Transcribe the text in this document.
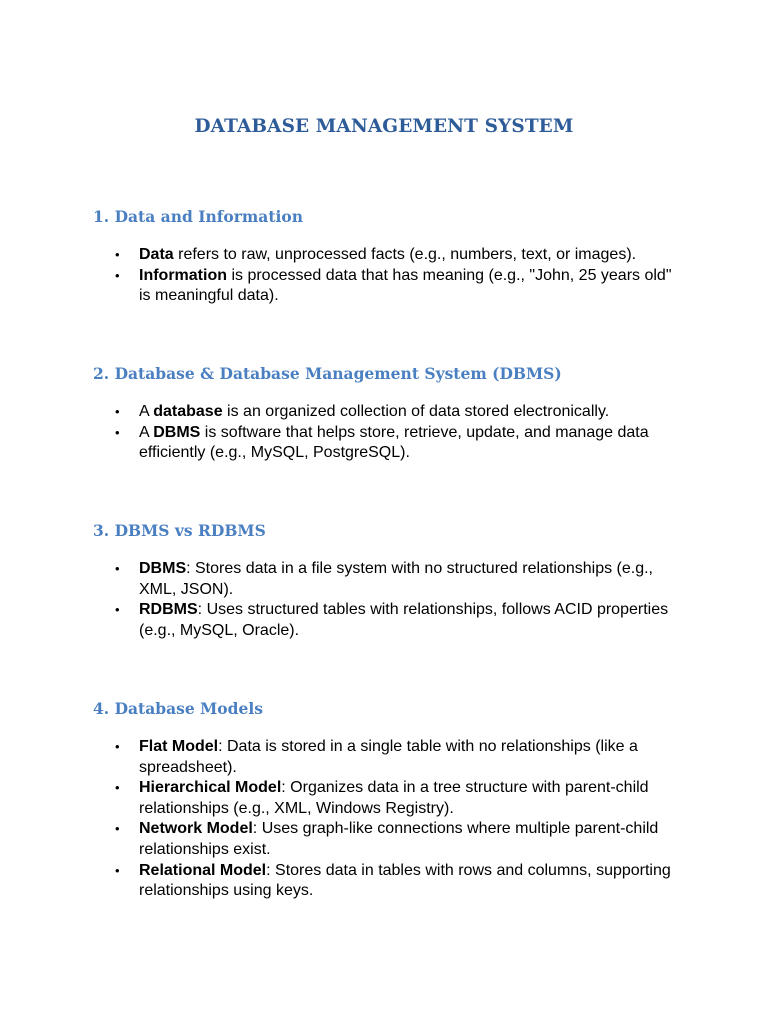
DATABASE MANAGEMENT SYSTEM
1. Data and Information
• Data refers to raw, unprocessed facts (e.g., numbers, text, or images).
• Information is processed data that has meaning (e.g., "John, 25 years old" is meaningful data).
2. Database & Database Management System (DBMS)
• A database is an organized collection of data stored electronically.
• A DBMS is software that helps store, retrieve, update, and manage data efficiently (e.g., MySQL, PostgreSQL).
3. DBMS vs RDBMS
• DBMS: Stores data in a file system with no structured relationships (e.g., XML, JSON).
• RDBMS: Uses structured tables with relationships, follows ACID properties (e.g., MySQL, Oracle).
4. Database Models
• Flat Model: Data is stored in a single table with no relationships (like a spreadsheet).
• Hierarchical Model: Organizes data in a tree structure with parent-child relationships (e.g., XML, Windows Registry).
• Network Model: Uses graph-like connections where multiple parent-child relationships exist.
• Relational Model: Stores data in tables with rows and columns, supporting relationships using keys.
